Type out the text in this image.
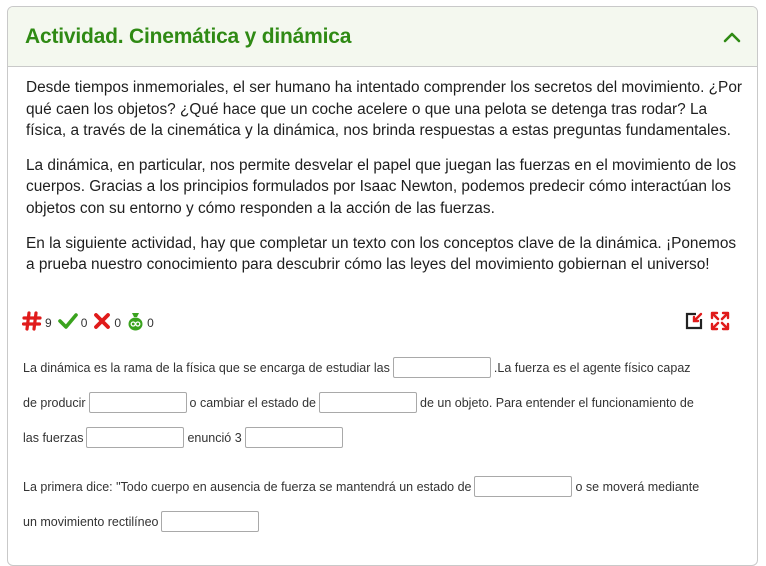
Actividad. Cinemática y dinámica

Desde tiempos inmemoriales, el ser humano ha intentado comprender los secretos del movimiento. ¿Por qué caen los objetos? ¿Qué hace que un coche acelere o que una pelota se detenga tras rodar? La física, a través de la cinemática y la dinámica, nos brinda respuestas a estas preguntas fundamentales.

La dinámica, en particular, nos permite desvelar el papel que juegan las fuerzas en el movimiento de los cuerpos. Gracias a los principios formulados por Isaac Newton, podemos predecir cómo interactúan los objetos con su entorno y cómo responden a la acción de las fuerzas.

En la siguiente actividad, hay que completar un texto con los conceptos clave de la dinámica. ¡Ponemos a prueba nuestro conocimiento para descubrir cómo las leyes del movimiento gobiernan el universo!

9 0 0 0
La dinámica es la rama de la física que se encarga de estudiar las	.La fuerza es el agente físico capaz
de producir	o cambiar el estado de	de un objeto. Para entender el funcionamiento de
las fuerzas	enunció 3
La primera dice: "Todo cuerpo en ausencia de fuerza se mantendrá un estado de	o se moverá mediante
un movimiento rectilíneo
